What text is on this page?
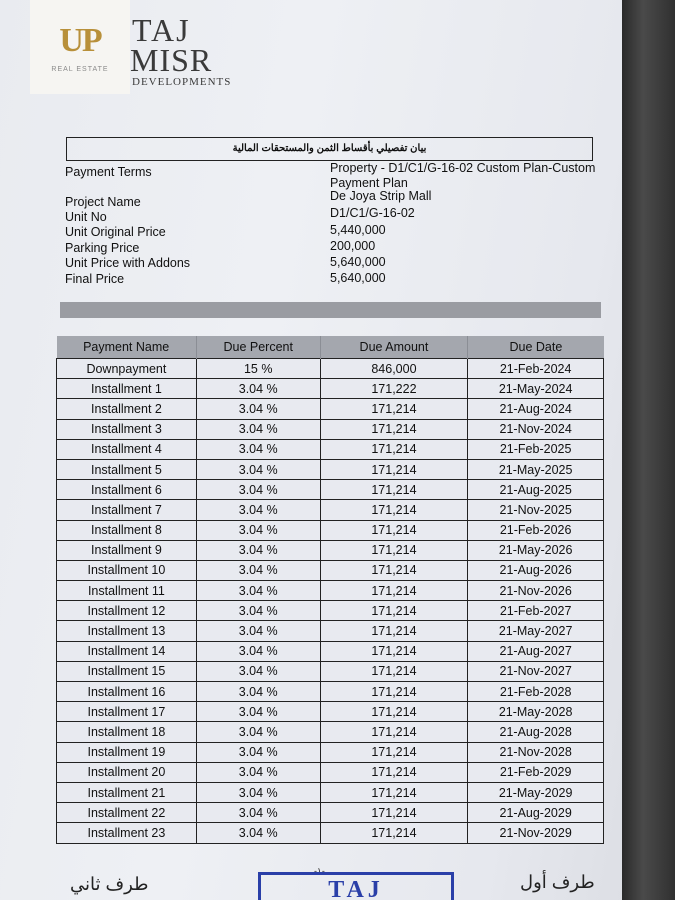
UP
REAL ESTATE
TAJ
MISR
DEVELOPMENTS
بيان تفصيلي بأقساط الثمن والمستحقات المالية
Payment Terms	Property - D1/C1/G-16-02 Custom Plan-Custom Payment Plan
Project Name	De Joya Strip Mall
Unit No	D1/C1/G-16-02
Unit Original Price	5,440,000
Parking Price	200,000
Unit Price with Addons	5,640,000
Final Price	5,640,000
Payment Name	Due Percent	Due Amount	Due Date
Downpayment	15 %	846,000	21-Feb-2024
Installment 1	3.04 %	171,222	21-May-2024
Installment 2	3.04 %	171,214	21-Aug-2024
Installment 3	3.04 %	171,214	21-Nov-2024
Installment 4	3.04 %	171,214	21-Feb-2025
Installment 5	3.04 %	171,214	21-May-2025
Installment 6	3.04 %	171,214	21-Aug-2025
Installment 7	3.04 %	171,214	21-Nov-2025
Installment 8	3.04 %	171,214	21-Feb-2026
Installment 9	3.04 %	171,214	21-May-2026
Installment 10	3.04 %	171,214	21-Aug-2026
Installment 11	3.04 %	171,214	21-Nov-2026
Installment 12	3.04 %	171,214	21-Feb-2027
Installment 13	3.04 %	171,214	21-May-2027
Installment 14	3.04 %	171,214	21-Aug-2027
Installment 15	3.04 %	171,214	21-Nov-2027
Installment 16	3.04 %	171,214	21-Feb-2028
Installment 17	3.04 %	171,214	21-May-2028
Installment 18	3.04 %	171,214	21-Aug-2028
Installment 19	3.04 %	171,214	21-Nov-2028
Installment 20	3.04 %	171,214	21-Feb-2029
Installment 21	3.04 %	171,214	21-May-2029
Installment 22	3.04 %	171,214	21-Aug-2029
Installment 23	3.04 %	171,214	21-Nov-2029
-١-
طرف ثاني	TAJ	طرف أول
